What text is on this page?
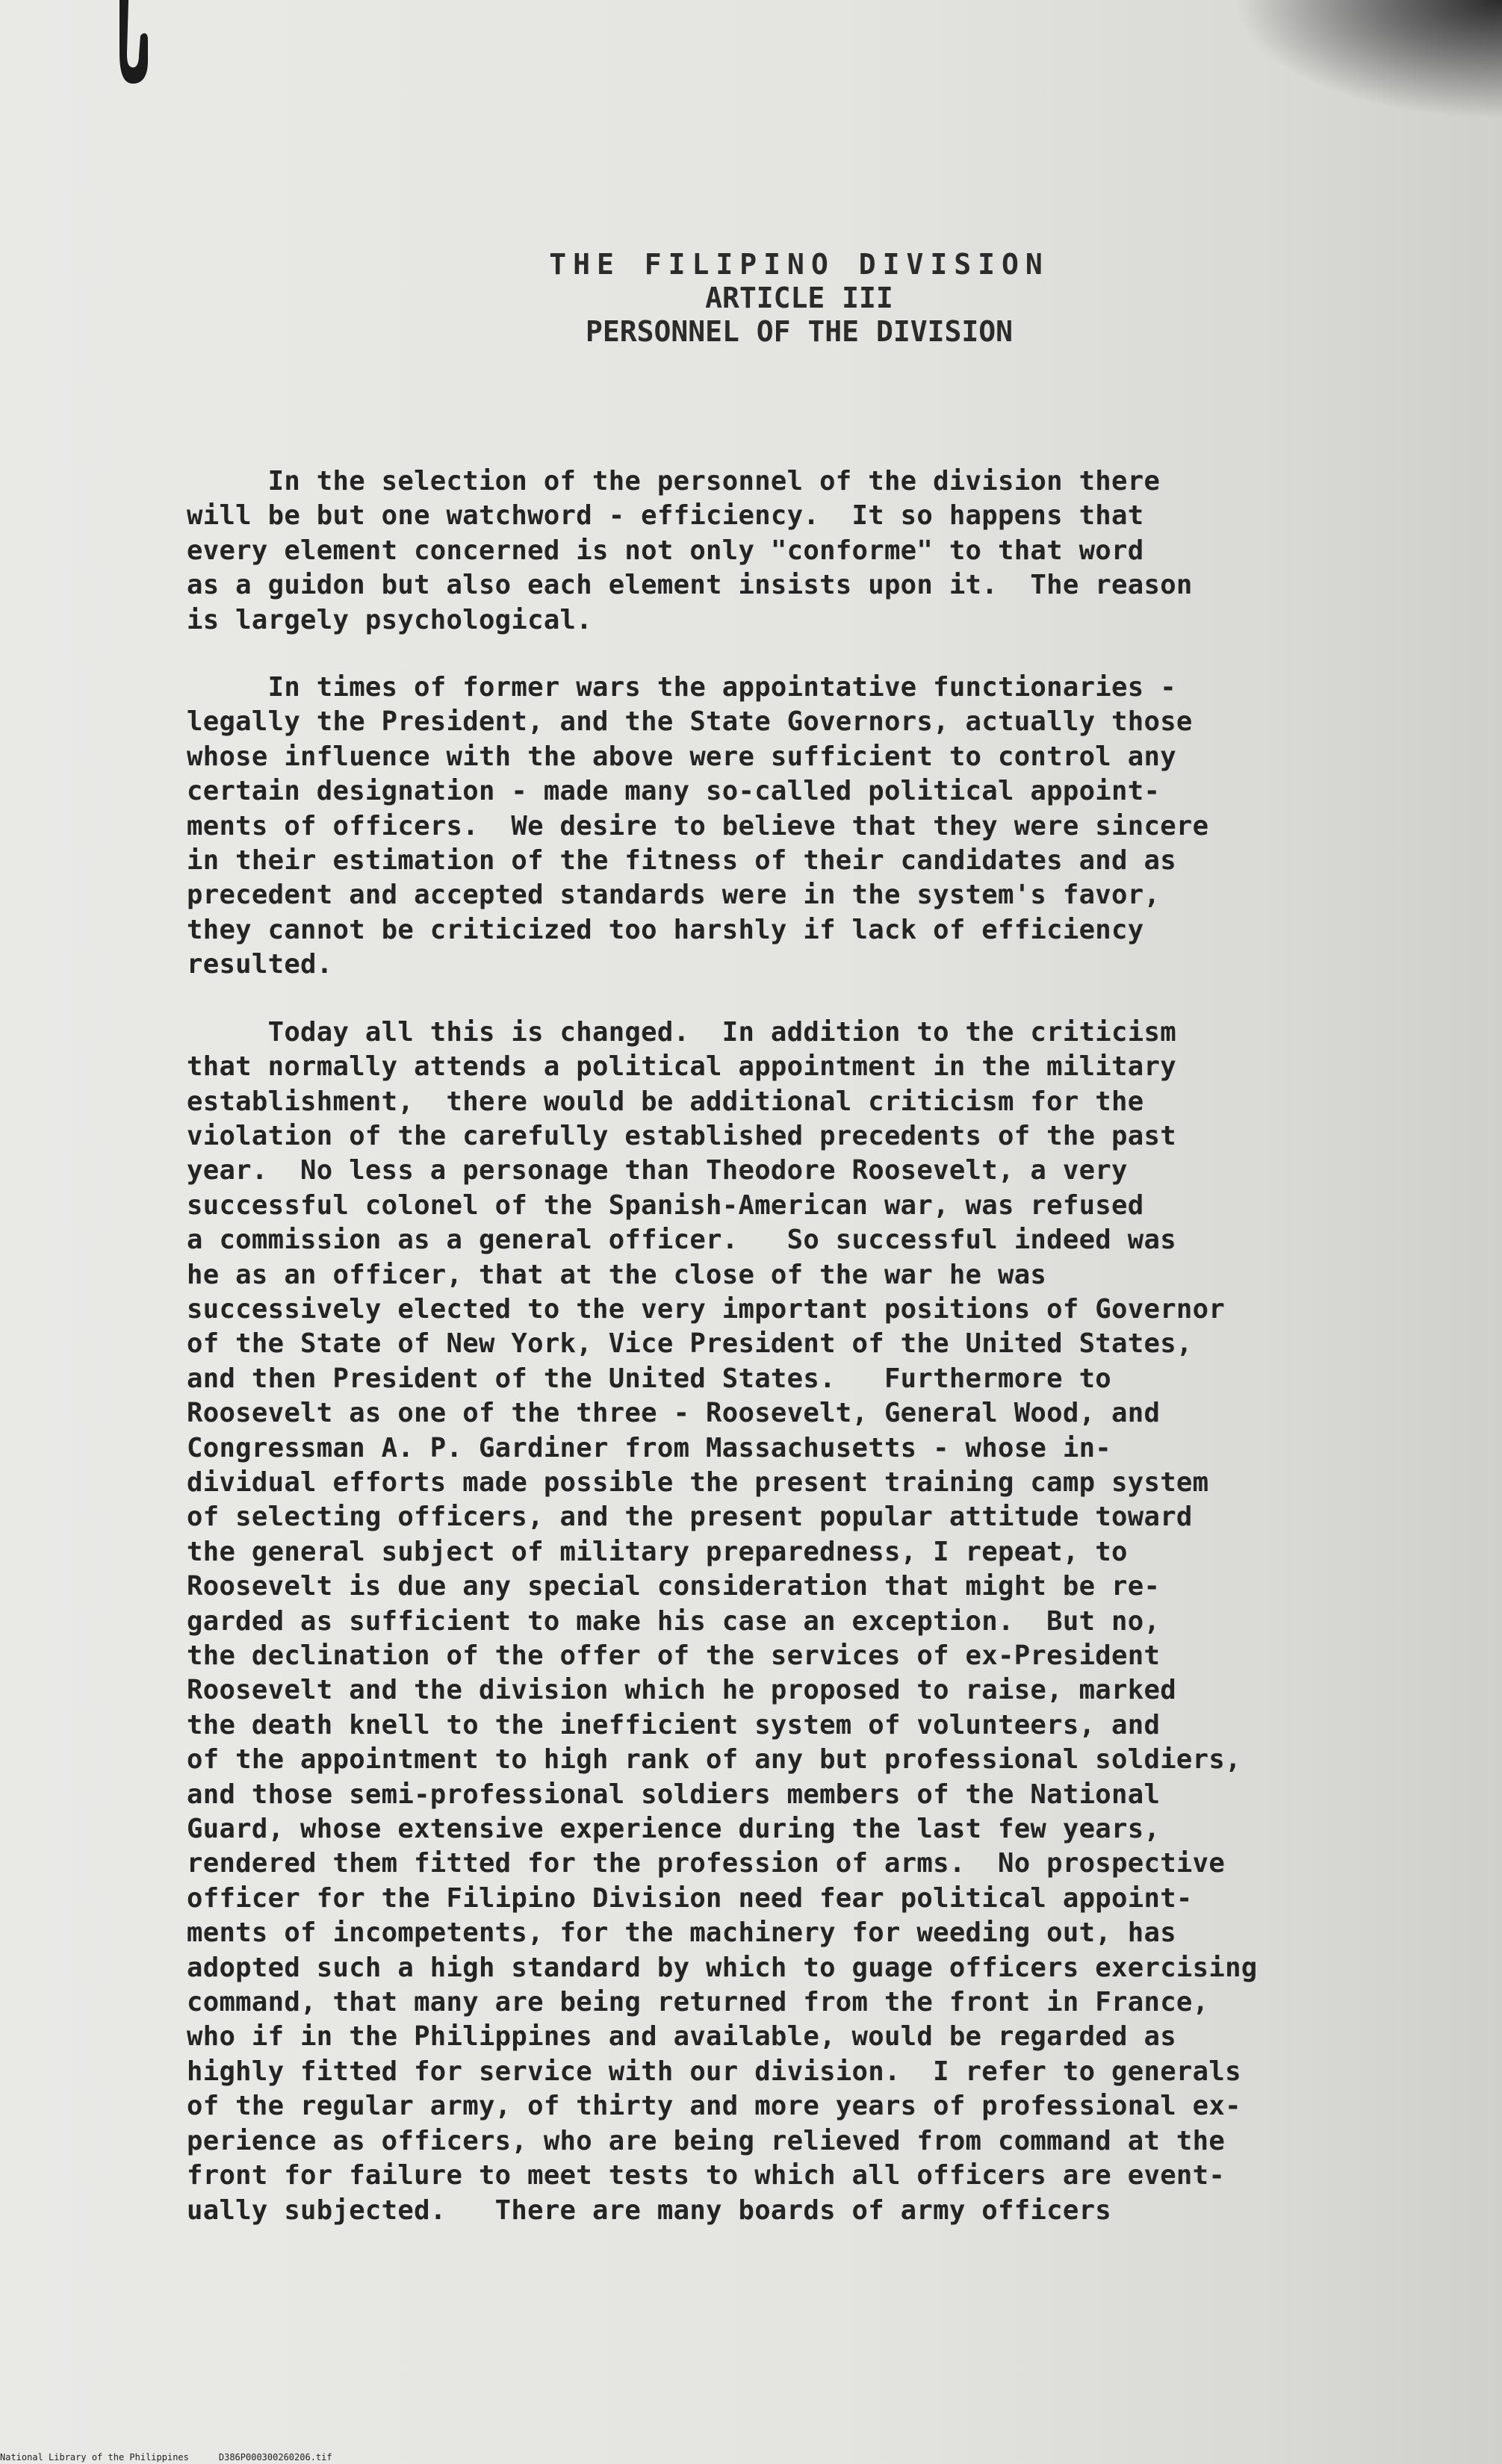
THE FILIPINO DIVISION
ARTICLE III
PERSONNEL OF THE DIVISION
In the selection of the personnel of the division there
will be but one watchword - efficiency.  It so happens that
every element concerned is not only "conforme" to that word
as a guidon but also each element insists upon it.  The reason
is largely psychological.
In times of former wars the appointative functionaries -
legally the President, and the State Governors, actually those
whose influence with the above were sufficient to control any
certain designation - made many so-called political appoint-
ments of officers.  We desire to believe that they were sincere
in their estimation of the fitness of their candidates and as
precedent and accepted standards were in the system's favor,
they cannot be criticized too harshly if lack of efficiency
resulted.
Today all this is changed.  In addition to the criticism
that normally attends a political appointment in the military
establishment,  there would be additional criticism for the
violation of the carefully established precedents of the past
year.  No less a personage than Theodore Roosevelt, a very
successful colonel of the Spanish-American war, was refused
a commission as a general officer.   So successful indeed was
he as an officer, that at the close of the war he was
successively elected to the very important positions of Governor
of the State of New York, Vice President of the United States,
and then President of the United States.   Furthermore to
Roosevelt as one of the three - Roosevelt, General Wood, and
Congressman A. P. Gardiner from Massachusetts - whose in-
dividual efforts made possible the present training camp system
of selecting officers, and the present popular attitude toward
the general subject of military preparedness, I repeat, to
Roosevelt is due any special consideration that might be re-
garded as sufficient to make his case an exception.  But no,
the declination of the offer of the services of ex-President
Roosevelt and the division which he proposed to raise, marked
the death knell to the inefficient system of volunteers, and
of the appointment to high rank of any but professional soldiers,
and those semi-professional soldiers members of the National
Guard, whose extensive experience during the last few years,
rendered them fitted for the profession of arms.  No prospective
officer for the Filipino Division need fear political appoint-
ments of incompetents, for the machinery for weeding out, has
adopted such a high standard by which to guage officers exercising
command, that many are being returned from the front in France,
who if in the Philippines and available, would be regarded as
highly fitted for service with our division.  I refer to generals
of the regular army, of thirty and more years of professional ex-
perience as officers, who are being relieved from command at the
front for failure to meet tests to which all officers are event-
ually subjected.   There are many boards of army officers
National Library of the Philippines	D386P000300260206.tif
